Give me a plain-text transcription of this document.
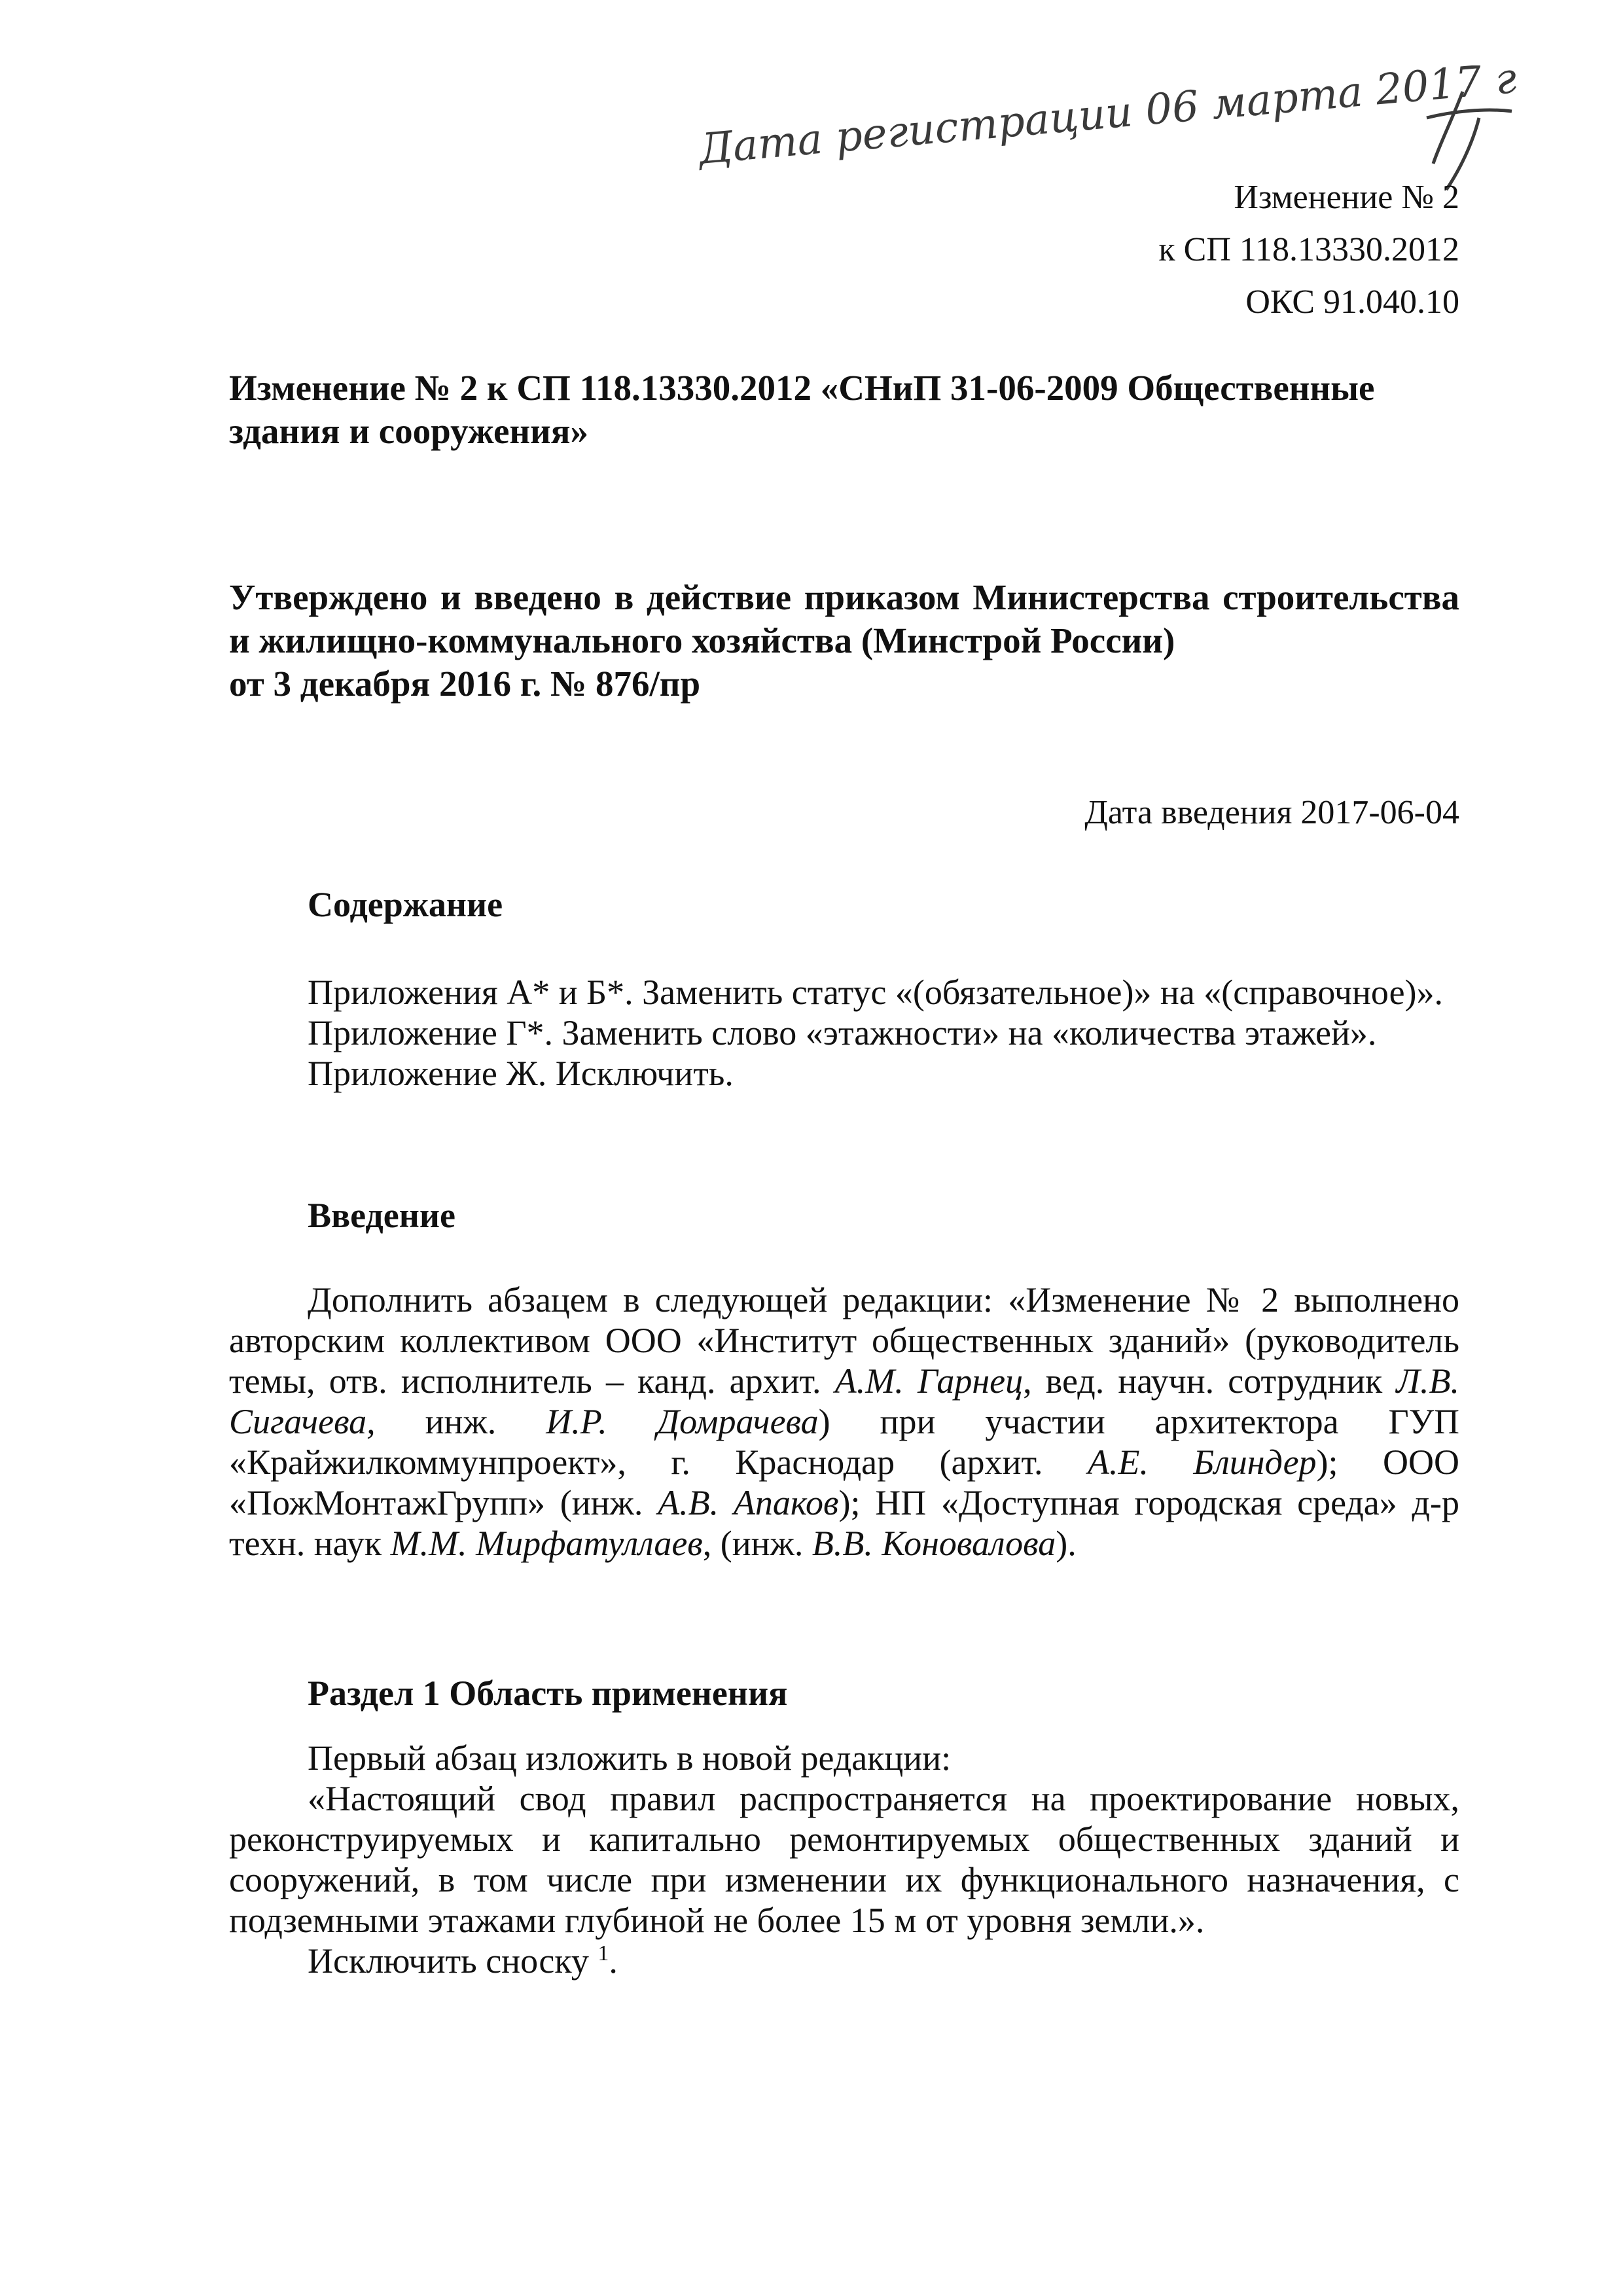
Дата регистрации 06 марта 2017 г.
Изменение № 2
к СП 118.13330.2012
ОКС 91.040.10
Изменение № 2 к СП 118.13330.2012 «СНиП 31-06-2009 Общественные здания и сооружения»
Утверждено и введено в действие приказом Министерства строительства и жилищно-коммунального хозяйства (Минстрой России)
от 3 декабря 2016 г. № 876/пр
Дата введения 2017-06-04
Содержание

Приложения А* и Б*. Заменить статус «(обязательное)» на «(справочное)».

Приложение Г*. Заменить слово «этажности» на «количества этажей».

Приложение Ж. Исключить.

Введение

Дополнить абзацем в следующей редакции: «Изменение № 2 выполнено авторским коллективом ООО «Институт общественных зданий» (руководитель темы, отв. исполнитель – канд. архит. А.М. Гарнец, вед. научн. сотрудник Л.В. Сигачева, инж. И.Р. Домрачева) при участии архитектора ГУП «Крайжилкоммунпроект», г. Краснодар (архит. А.Е. Блиндер); ООО «ПожМонтажГрупп» (инж. А.В. Апаков); НП «Доступная городская среда» д-р техн. наук М.М. Мирфатуллаев, (инж. В.В. Коновалова).

Раздел 1 Область применения

Первый абзац изложить в новой редакции:

«Настоящий свод правил распространяется на проектирование новых, реконструируемых и капитально ремонтируемых общественных зданий и сооружений, в том числе при изменении их функционального назначения, с подземными этажами глубиной не более 15 м от уровня земли.».

Исключить сноску $^1$.
